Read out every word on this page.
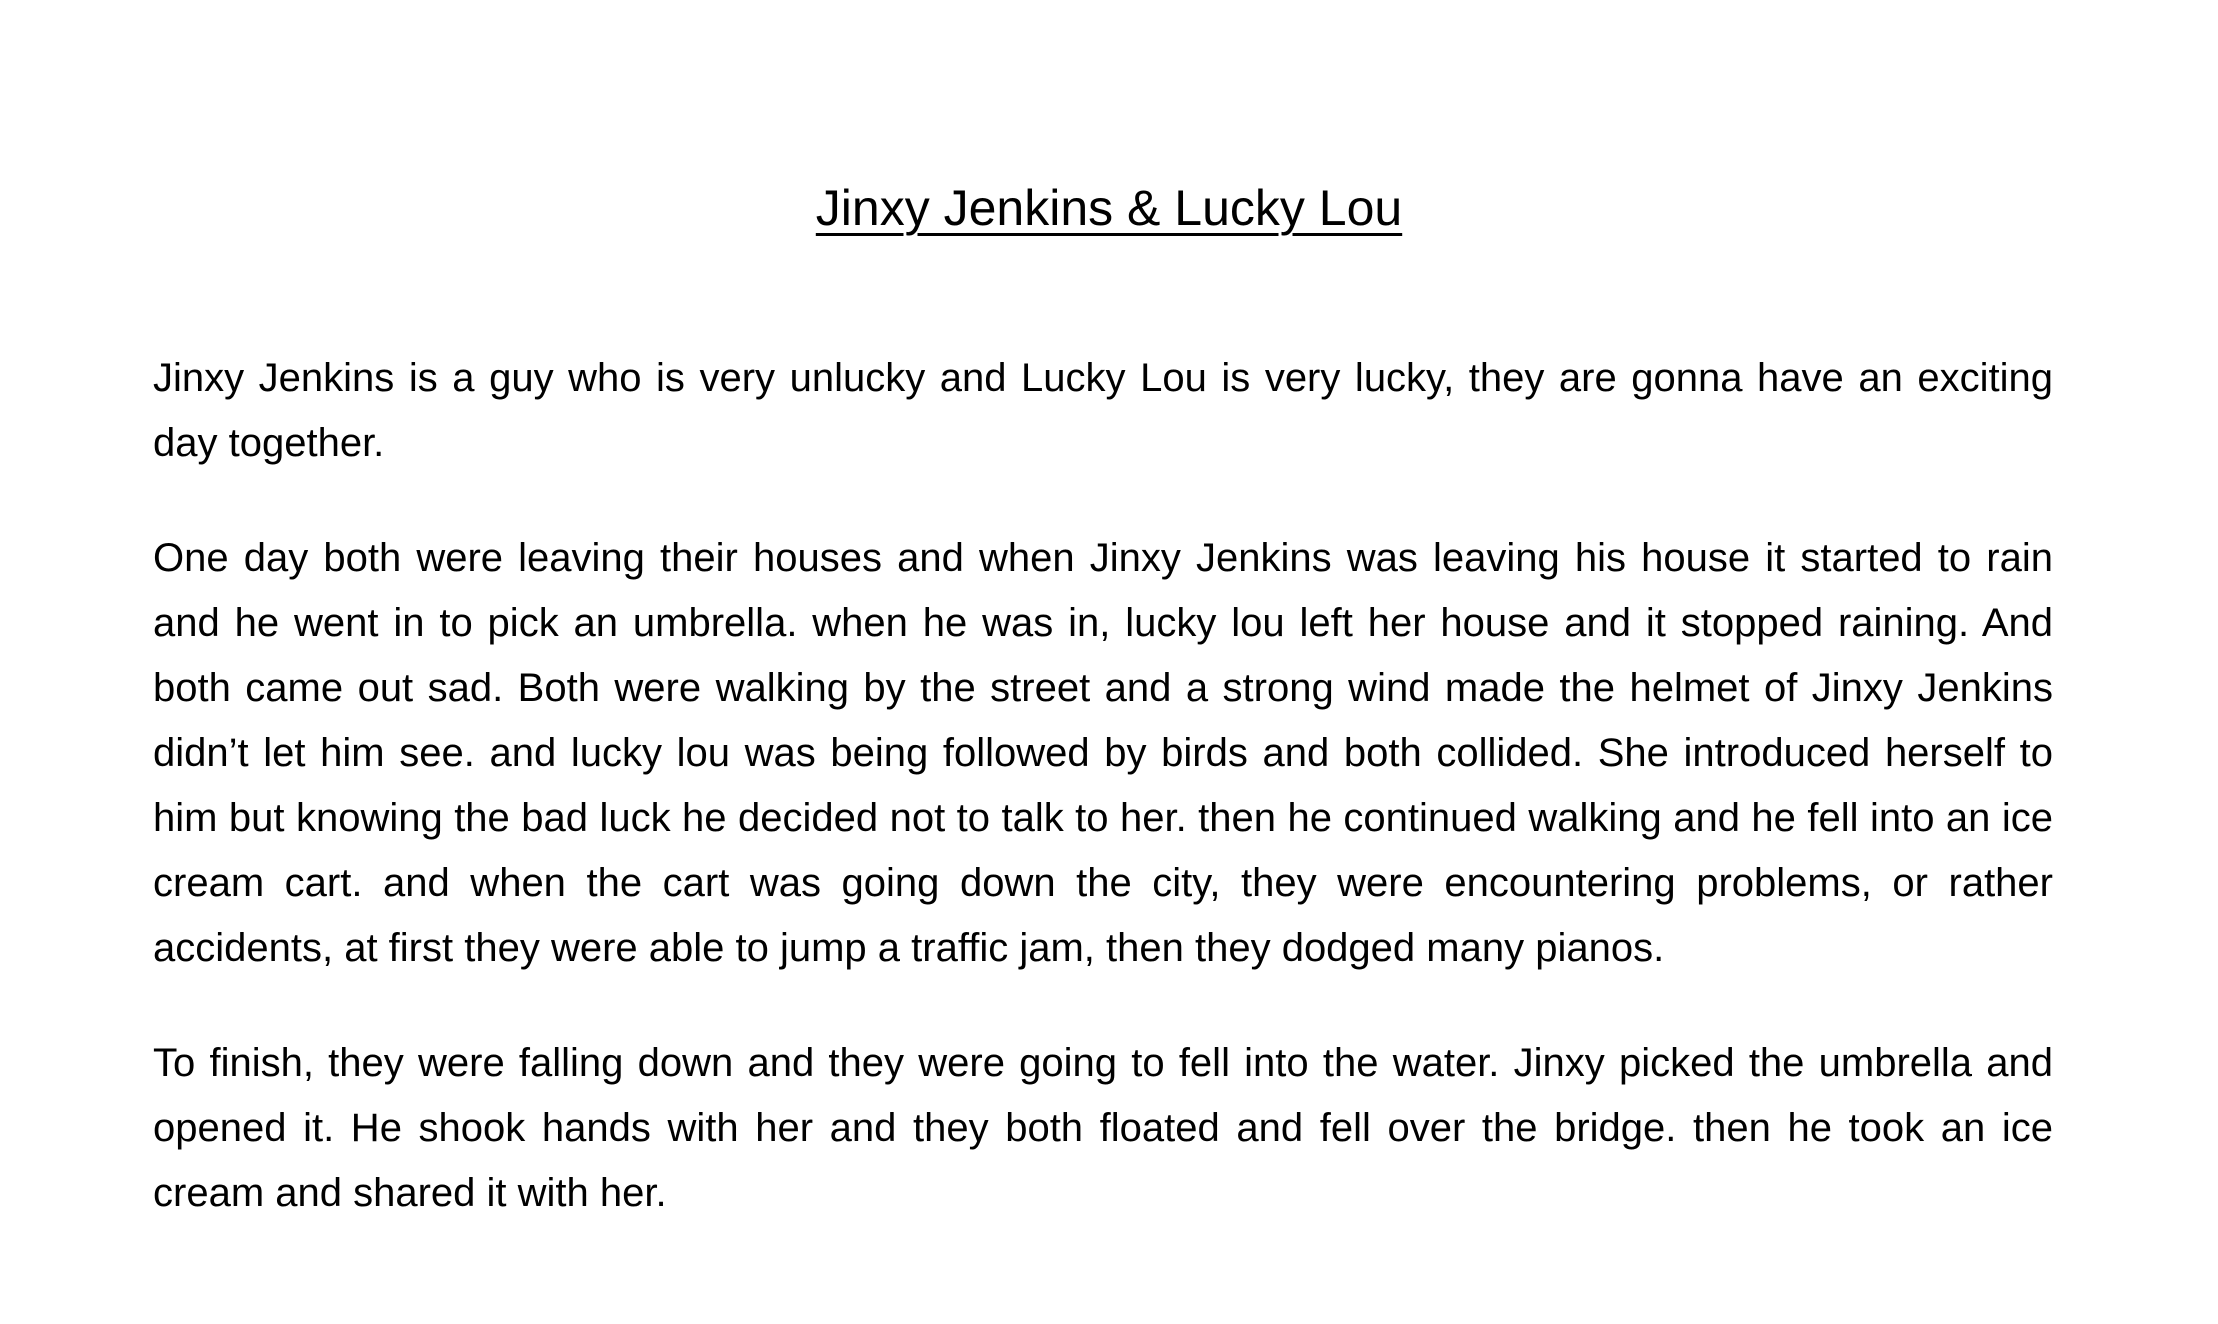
Jinxy Jenkins & Lucky Lou

Jinxy Jenkins is a guy who is very unlucky and Lucky Lou is very lucky, they are gonna have an exciting day together.

One day both were leaving their houses and when Jinxy Jenkins was leaving his house it started to rain and he went in to pick an umbrella. when he was in, lucky lou left her house and it stopped raining. And both came out sad. Both were walking by the street and a strong wind made the helmet of Jinxy Jenkins didn’t let him see. and lucky lou was being followed by birds and both collided. She introduced herself to him but knowing the bad luck he decided not to talk to her. then he continued walking and he fell into an ice cream cart. and when the cart was going down the city, they were encountering problems, or rather accidents, at first they were able to jump a traffic jam, then they dodged many pianos.

To finish, they were falling down and they were going to fell into the water. Jinxy picked the umbrella and opened it. He shook hands with her and they both floated and fell over the bridge. then he took an ice cream and shared it with her.
